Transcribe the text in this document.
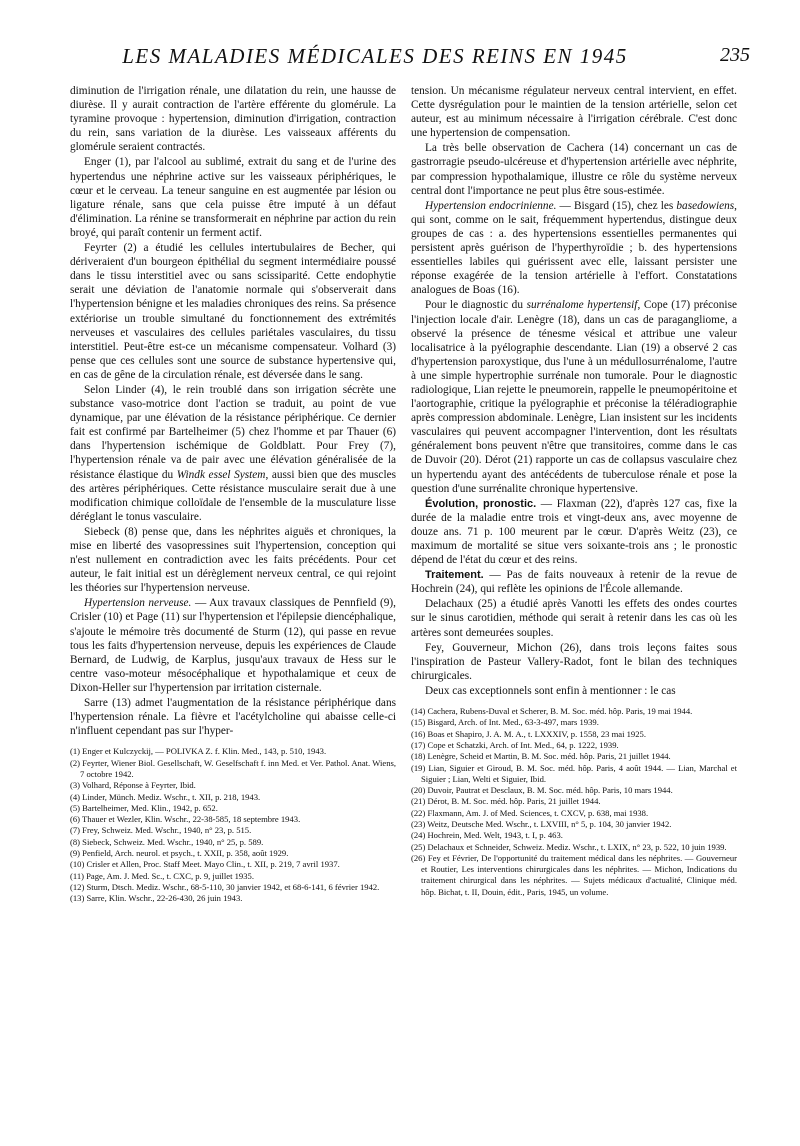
LES MALADIES MÉDICALES DES REINS EN 1945	235

diminution de l'irrigation rénale, une dilatation du rein, une hausse de diurèse. Il y aurait contraction de l'artère efférente du glomérule. La tyramine provoque : hypertension, diminution d'irrigation, contraction du rein, sans variation de la diurèse. Les vaisseaux afférents du glomérule seraient contractés.

Enger (1), par l'alcool au sublimé, extrait du sang et de l'urine des hypertendus une néphrine active sur les vaisseaux périphériques, le cœur et le cerveau. La teneur sanguine en est augmentée par lésion ou ligature rénale, sans que cela puisse être imputé à un défaut d'élimination. La rénine se transformerait en néphrine par action du rein broyé, qui paraît contenir un ferment actif.

Feyrter (2) a étudié les cellules intertubulaires de Becher, qui dériveraient d'un bourgeon épithélial du segment intermédiaire poussé dans le tissu interstitiel avec ou sans scissiparité. Cette endophytie serait une déviation de l'anatomie normale qui s'observerait dans l'hypertension bénigne et les maladies chroniques des reins. Sa présence extériorise un trouble simultané du fonctionnement des extrémités nerveuses et vasculaires des cellules pariétales vasculaires, du tissu interstitiel. Peut-être est-ce un mécanisme compensateur. Volhard (3) pense que ces cellules sont une source de substance hypertensive qui, en cas de gêne de la circulation rénale, est déversée dans le sang.

Selon Linder (4), le rein troublé dans son irrigation sécrète une substance vaso-motrice dont l'action se traduit, au point de vue dynamique, par une élévation de la résistance périphérique. Ce dernier fait est confirmé par Bartelheimer (5) chez l'homme et par Thauer (6) dans l'hypertension ischémique de Goldblatt. Pour Frey (7), l'hypertension rénale va de pair avec une élévation généralisée de la résistance élastique du Windk essel System, aussi bien que des muscles des artères périphériques. Cette résistance musculaire serait due à une modification chimique colloïdale de l'ensemble de la musculature lisse déréglant le tonus vasculaire.

Siebeck (8) pense que, dans les néphrites aiguës et chroniques, la mise en liberté des vasopressines suit l'hypertension, conception qui n'est nullement en contradiction avec les faits précédents. Pour cet auteur, le fait initial est un dérèglement nerveux central, ce qui rejoint les théories sur l'hypertension nerveuse.

Hypertension nerveuse. — Aux travaux classiques de Pennfield (9), Crisler (10) et Page (11) sur l'hypertension et l'épilepsie diencéphalique, s'ajoute le mémoire très documenté de Sturm (12), qui passe en revue tous les faits d'hypertension nerveuse, depuis les expériences de Claude Bernard, de Ludwig, de Karplus, jusqu'aux travaux de Hess sur le centre vaso-moteur mésocéphalique et hypothalamique et ceux de Dixon-Heller sur l'hypertension par irritation cisternale.

Sarre (13) admet l'augmentation de la résistance périphérique dans l'hypertension rénale. La fièvre et l'acétylcholine qui abaisse celle-ci n'influent cependant pas sur l'hyper-

(1) Enger et Kulczyckij, — POLIVKA Z. f. Klin. Med., 143, p. 510, 1943.

(2) Feyrter, Wiener Biol. Gesellschaft, W. Geselfschaft f. inn Med. et Ver. Pathol. Anat. Wiens, 7 octobre 1942.

(3) Volhard, Réponse à Feyrter, Ibid.

(4) Linder, Münch. Mediz. Wschr., t. XII, p. 218, 1943.

(5) Bartelheimer, Med. Klin., 1942, p. 652.

(6) Thauer et Wezler, Klin. Wschr., 22-38-585, 18 septembre 1943.

(7) Frey, Schweiz. Med. Wschr., 1940, n° 23, p. 515.

(8) Siebeck, Schweiz. Med. Wschr., 1940, n° 25, p. 589.

(9) Penfield, Arch. neurol. et psych., t. XXII, p. 358, août 1929.

(10) Crisler et Allen, Proc. Staff Meet. Mayo Clin., t. XII, p. 219, 7 avril 1937.

(11) Page, Am. J. Med. Sc., t. CXC, p. 9, juillet 1935.

(12) Sturm, Dtsch. Mediz. Wschr., 68-5-110, 30 janvier 1942, et 68-6-141, 6 février 1942.

(13) Sarre, Klin. Wschr., 22-26-430, 26 juin 1943.

tension. Un mécanisme régulateur nerveux central intervient, en effet. Cette dysrégulation pour le maintien de la tension artérielle, selon cet auteur, est au minimum nécessaire à l'irrigation cérébrale. C'est donc une hypertension de compensation.

La très belle observation de Cachera (14) concernant un cas de gastrorragie pseudo-ulcéreuse et d'hypertension artérielle avec néphrite, par compression hypothalamique, illustre ce rôle du système nerveux central dont l'importance ne peut plus être sous-estimée.

Hypertension endocrinienne. — Bisgard (15), chez les basedowiens, qui sont, comme on le sait, fréquemment hypertendus, distingue deux groupes de cas : a. des hypertensions essentielles permanentes qui persistent après guérison de l'hyperthyroïdie ; b. des hypertensions essentielles labiles qui guérissent avec elle, laissant persister une réponse exagérée de la tension artérielle à l'effort. Constatations analogues de Boas (16).

Pour le diagnostic du surrénalome hypertensif, Cope (17) préconise l'injection locale d'air. Lenègre (18), dans un cas de paragangliome, a observé la présence de ténesme vésical et attribue une valeur localisatrice à la pyélographie descendante. Lian (19) a observé 2 cas d'hypertension paroxystique, dus l'une à un médullosurrénalome, l'autre à une simple hypertrophie surrénale non tumorale. Pour le diagnostic radiologique, Lian rejette le pneumorein, rappelle le pneumopéritoine et l'aortographie, critique la pyélographie et préconise la téléradiographie après compression abdominale. Lenègre, Lian insistent sur les incidents vasculaires qui peuvent accompagner l'intervention, dont les résultats généralement bons peuvent n'être que transitoires, comme dans le cas de Duvoir (20). Dérot (21) rapporte un cas de collapsus vasculaire chez un hypertendu ayant des antécédents de tuberculose rénale et pose la question d'une surrénalite chronique hypertensive.

Évolution, pronostic. — Flaxman (22), d'après 127 cas, fixe la durée de la maladie entre trois et vingt-deux ans, avec moyenne de douze ans. 71 p. 100 meurent par le cœur. D'après Weitz (23), ce maximum de mortalité se situe vers soixante-trois ans ; le pronostic dépend de l'état du cœur et des reins.

Traitement. — Pas de faits nouveaux à retenir de la revue de Hochrein (24), qui reflète les opinions de l'École allemande.

Delachaux (25) a étudié après Vanotti les effets des ondes courtes sur le sinus carotidien, méthode qui serait à retenir dans les cas où les artères sont demeurées souples.

Fey, Gouverneur, Michon (26), dans trois leçons faites sous l'inspiration de Pasteur Vallery-Radot, font le bilan des techniques chirurgicales.

Deux cas exceptionnels sont enfin à mentionner : le cas

(14) Cachera, Rubens-Duval et Scherer, B. M. Soc. méd. hôp. Paris, 19 mai 1944.

(15) Bisgard, Arch. of Int. Med., 63-3-497, mars 1939.

(16) Boas et Shapiro, J. A. M. A., t. LXXXIV, p. 1558, 23 mai 1925.

(17) Cope et Schatzki, Arch. of Int. Med., 64, p. 1222, 1939.

(18) Lenègre, Scheid et Martin, B. M. Soc. méd. hôp. Paris, 21 juillet 1944.

(19) Lian, Siguier et Giroud, B. M. Soc. méd. hôp. Paris, 4 août 1944. — Lian, Marchal et Siguier ; Lian, Welti et Siguier, Ibid.

(20) Duvoir, Pautrat et Desclaux, B. M. Soc. méd. hôp. Paris, 10 mars 1944.

(21) Dérot, B. M. Soc. méd. hôp. Paris, 21 juillet 1944.

(22) Flaxmann, Am. J. of Med. Sciences, t. CXCV, p. 638, mai 1938.

(23) Weitz, Deutsche Med. Wschr., t. LXVIII, n° 5, p. 104, 30 janvier 1942.

(24) Hochrein, Med. Welt, 1943, t. I, p. 463.

(25) Delachaux et Schneider, Schweiz. Mediz. Wschr., t. LXIX, n° 23, p. 522, 10 juin 1939.

(26) Fey et Février, De l'opportunité du traitement médical dans les néphrites. — Gouverneur et Routier, Les interventions chirurgicales dans les néphrites. — Michon, Indications du traitement chirurgical dans les néphrites. — Sujets médicaux d'actualité, Clinique méd. hôp. Bichat, t. II, Douin, édit., Paris, 1945, un volume.
